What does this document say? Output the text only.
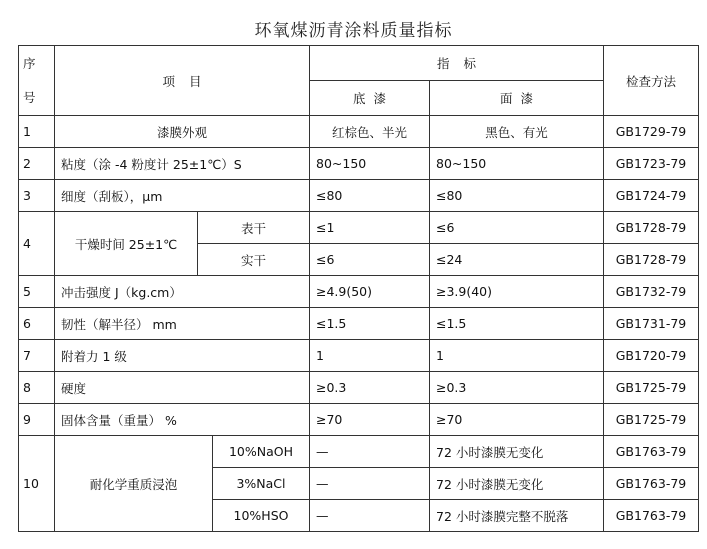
环氧煤沥青涂料质量指标
序
号	项 目			指 标		检查方法
				底 漆	面 漆	
1	漆膜外观			红棕色、半光	黑色、有光	GB1729-79
2	粘度（涂 -4 粉度计 25±1℃）S			80~150	80~150	GB1723-79
3	细度（刮板），μm			≤80	≤80	GB1724-79
4	干燥时间 25±1℃	表干		≤1	≤6	GB1728-79
		实干		≤6	≤24	GB1728-79
5	冲击强度 J（kg.cm）			≥4.9(50)	≥3.9(40)	GB1732-79
6	韧性（解半径） mm			≤1.5	≤1.5	GB1731-79
7	附着力 1 级			1	1	GB1720-79
8	硬度			≥0.3	≥0.3	GB1725-79
9	固体含量（重量） %			≥70	≥70	GB1725-79
10	耐化学重质浸泡		10%NaOH	—	72 小时漆膜无变化	GB1763-79
			3%NaCl	—	72 小时漆膜无变化	GB1763-79
			10%HSO	—	72 小时漆膜完整不脱落	GB1763-79
